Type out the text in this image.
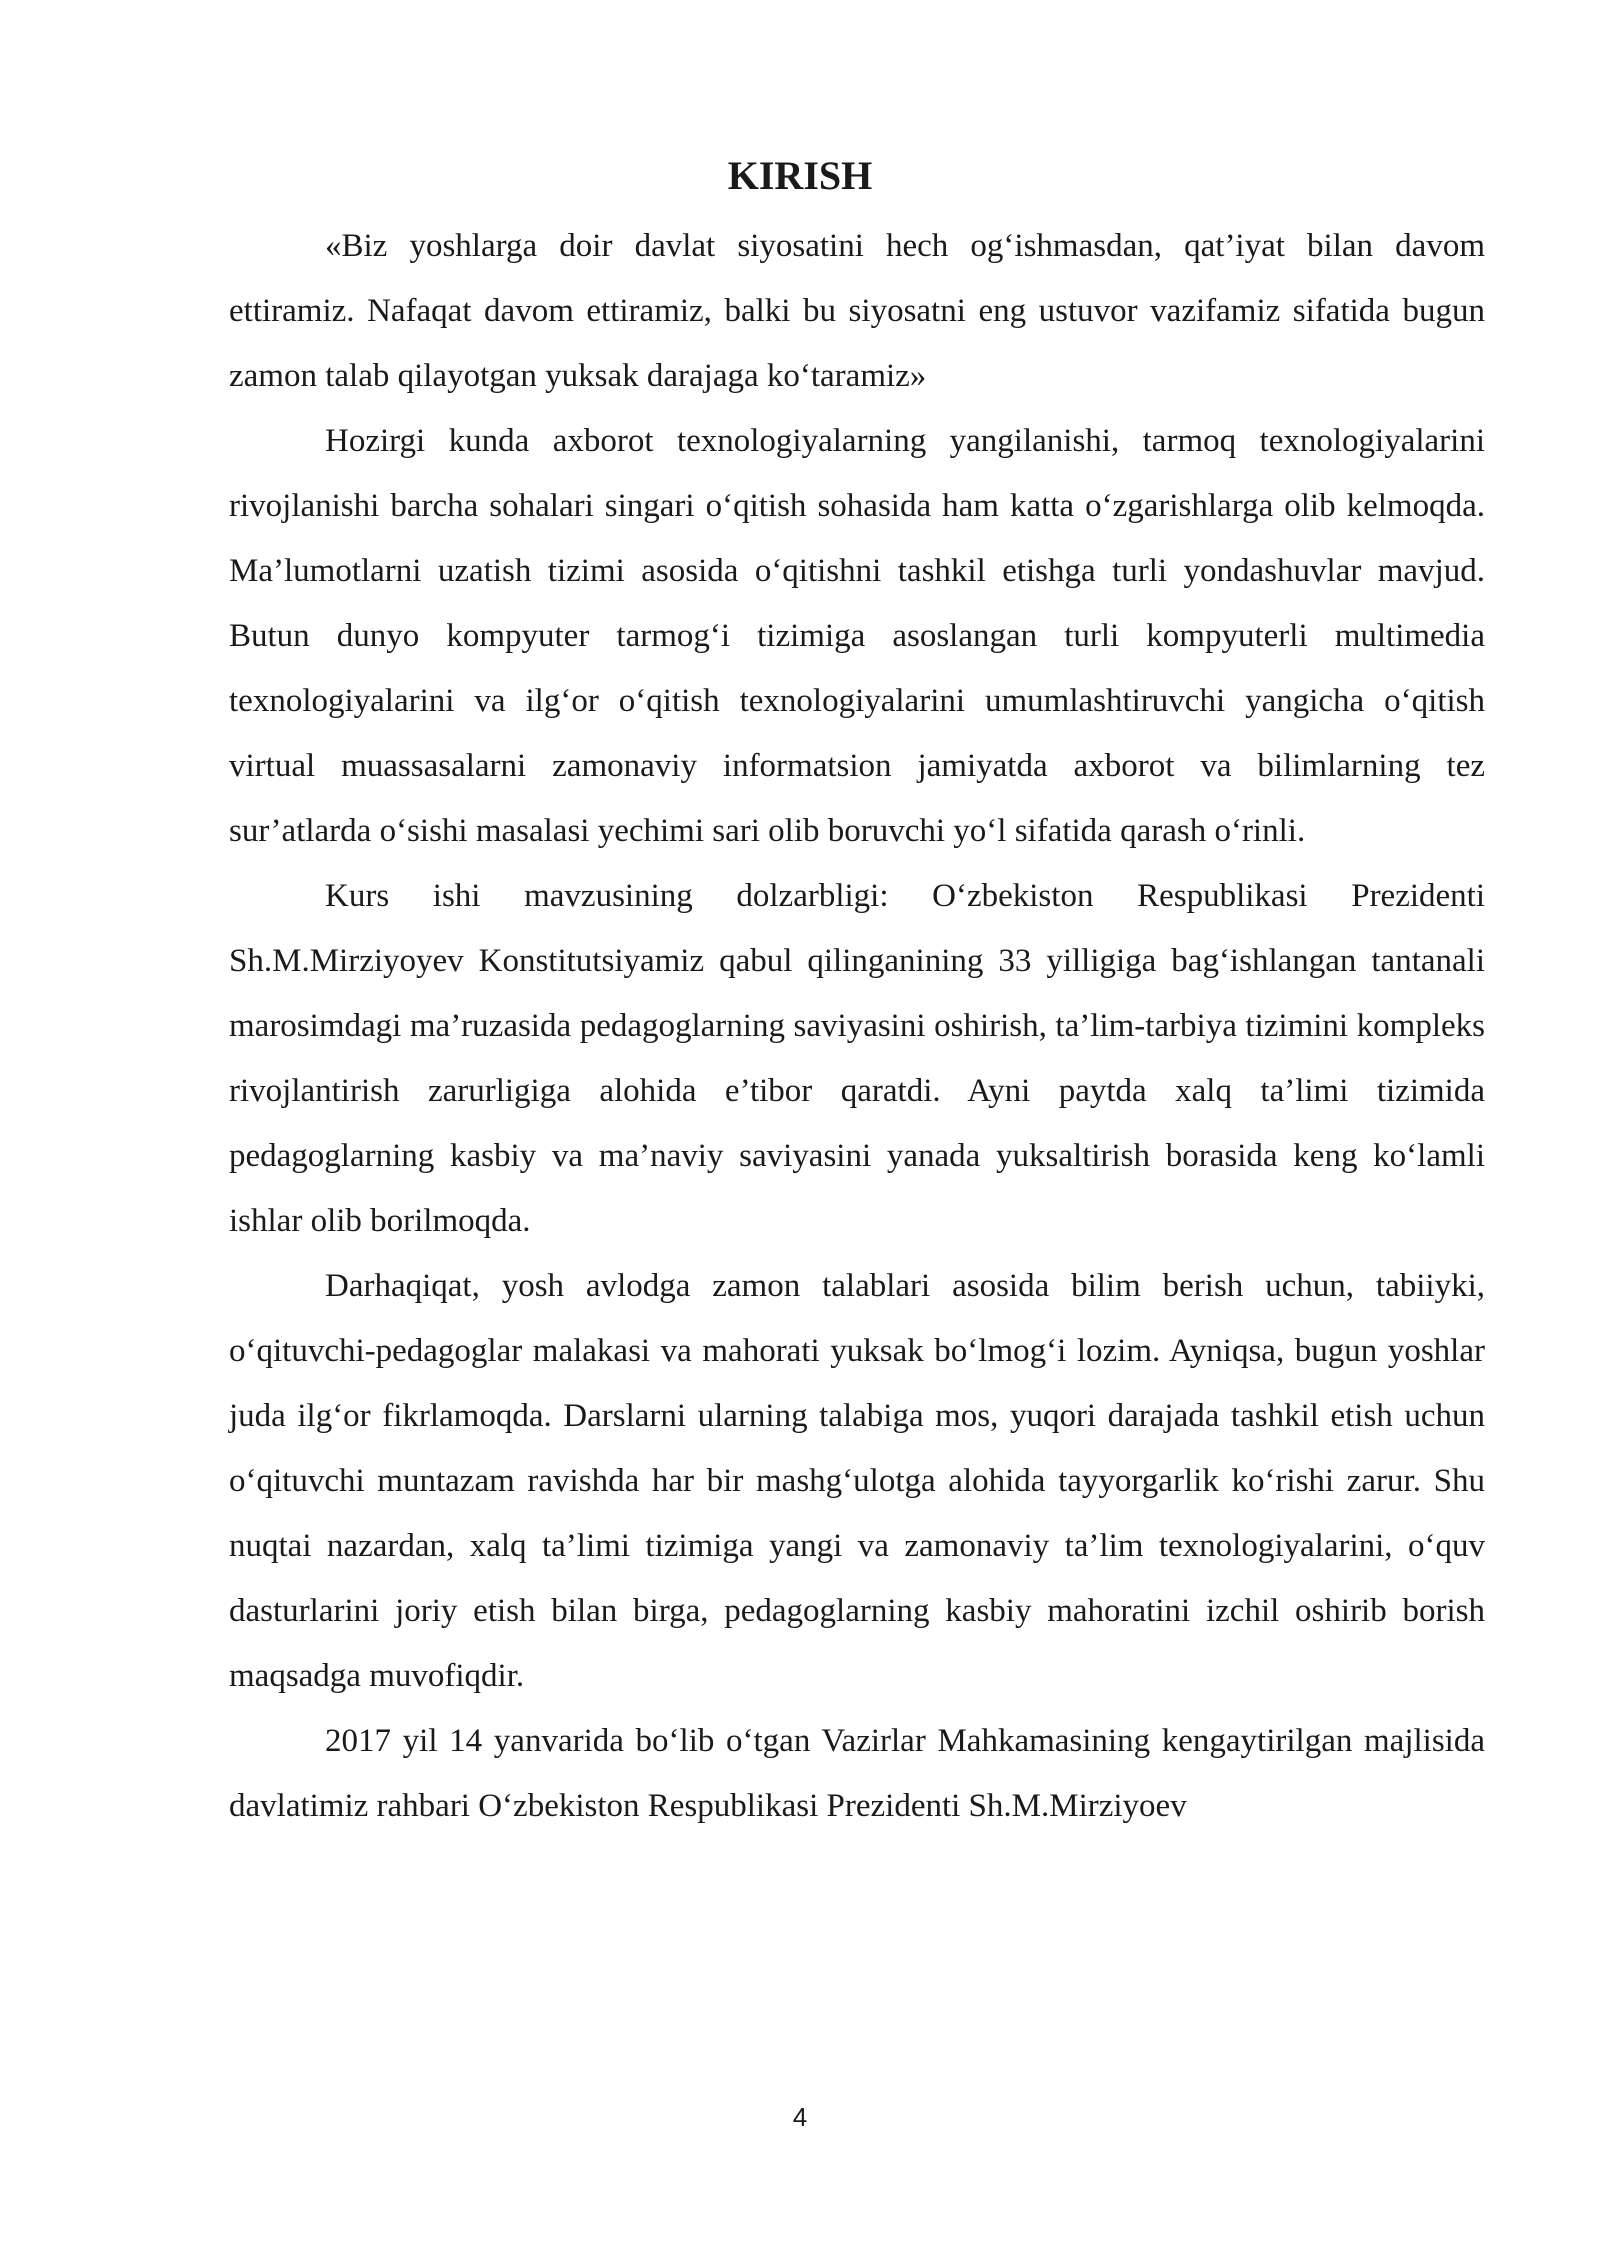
KIRISH

«Biz yoshlarga doir davlat siyosatini hech og‘ishmasdan, qat’iyat bilan davom ettiramiz. Nafaqat davom ettiramiz, balki bu siyosatni eng ustuvor vazifamiz sifatida bugun zamon talab qilayotgan yuksak darajaga ko‘taramiz»

Hozirgi kunda axborot texnologiyalarning yangilanishi, tarmoq texnologiyalarini rivojlanishi barcha sohalari singari o‘qitish sohasida ham katta o‘zgarishlarga olib kelmoqda. Ma’lumotlarni uzatish tizimi asosida o‘qitishni tashkil etishga turli yondashuvlar mavjud. Butun dunyo kompyuter tarmog‘i tizimiga asoslangan turli kompyuterli multimedia texnologiyalarini va ilg‘or o‘qitish texnologiyalarini umumlashtiruvchi yangicha o‘qitish virtual muassasalarni zamonaviy informatsion jamiyatda axborot va bilimlarning tez sur’atlarda o‘sishi masalasi yechimi sari olib boruvchi yo‘l sifatida qarash o‘rinli.

Kurs ishi mavzusining dolzarbligi: O‘zbekiston Respublikasi Prezidenti Sh.M.Mirziyoyev Konstitutsiyamiz qabul qilinganining 33 yilligiga bag‘ishlangan tantanali marosimdagi ma’ruzasida pedagoglarning saviyasini oshirish, ta’lim-tarbiya tizimini kompleks rivojlantirish zarurligiga alohida e’tibor qaratdi. Ayni paytda xalq ta’limi tizimida pedagoglarning kasbiy va ma’naviy saviyasini yanada yuksaltirish borasida keng ko‘lamli ishlar olib borilmoqda.

Darhaqiqat, yosh avlodga zamon talablari asosida bilim berish uchun, tabiiyki, o‘qituvchi-pedagoglar malakasi va mahorati yuksak bo‘lmog‘i lozim. Ayniqsa, bugun yoshlar juda ilg‘or fikrlamoqda. Darslarni ularning talabiga mos, yuqori darajada tashkil etish uchun o‘qituvchi muntazam ravishda har bir mashg‘ulotga alohida tayyorgarlik ko‘rishi zarur. Shu nuqtai nazardan, xalq ta’limi tizimiga yangi va zamonaviy ta’lim texnologiyalarini, o‘quv dasturlarini joriy etish bilan birga, pedagoglarning kasbiy mahoratini izchil oshirib borish maqsadga muvofiqdir.

2017 yil 14 yanvarida bo‘lib o‘tgan Vazirlar Mahkamasining kengaytirilgan majlisida davlatimiz rahbari O‘zbekiston Respublikasi Prezidenti Sh.M.Mirziyoev

4
